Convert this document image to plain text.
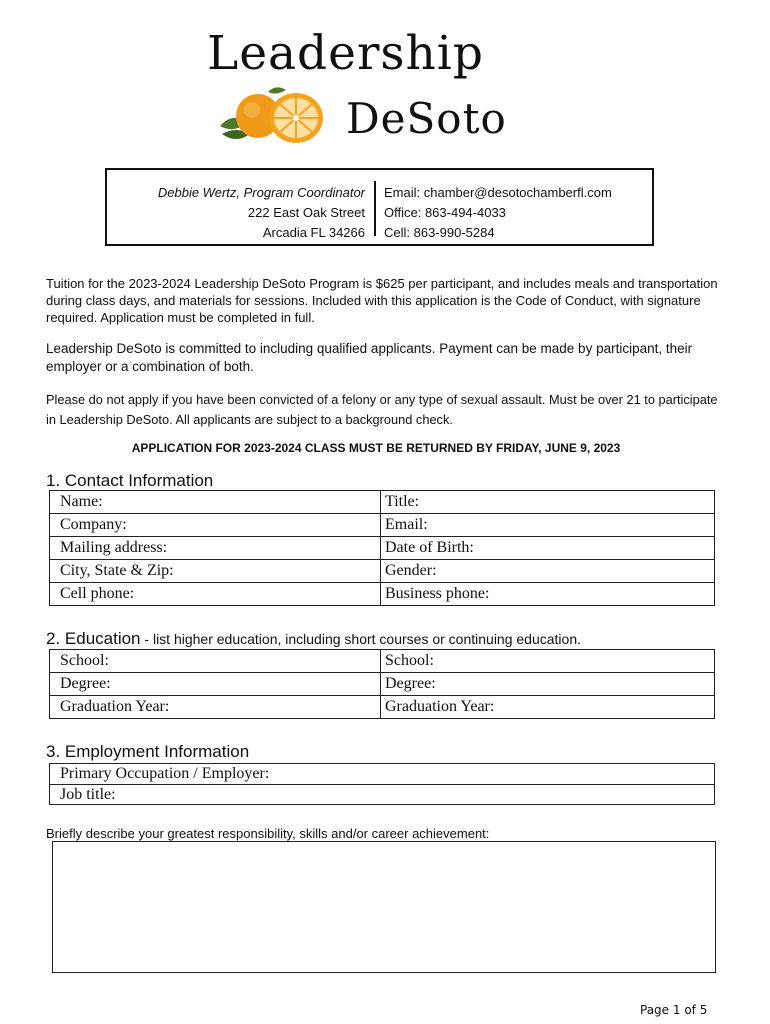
Leadership
DeSoto
Debbie Wertz, Program Coordinator
222 East Oak Street
Arcadia FL 34266
Email: chamber@desotochamberfl.com
Office: 863-494-4033
Cell: 863-990-5284
Tuition for the 2023-2024 Leadership DeSoto Program is $625 per participant, and includes meals and transportation during class days, and materials for sessions. Included with this application is the Code of Conduct, with signature required. Application must be completed in full.
Leadership DeSoto is committed to including qualified applicants. Payment can be made by participant, their employer or a combination of both.
Please do not apply if you have been convicted of a felony or any type of sexual assault. Must be over 21 to participate in Leadership DeSoto. All applicants are subject to a background check.
APPLICATION FOR 2023-2024 CLASS MUST BE RETURNED BY FRIDAY, JUNE 9, 2023
1. Contact Information
Name:	Title:
Company:	Email:
Mailing address:	Date of Birth:
City, State & Zip:	Gender:
Cell phone:	Business phone:
2. Education - list higher education, including short courses or continuing education.
School:	School:
Degree:	Degree:
Graduation Year:	Graduation Year:
3. Employment Information
Primary Occupation / Employer:
Job title:
Briefly describe your greatest responsibility, skills and/or career achievement:
Page 1 of 5
